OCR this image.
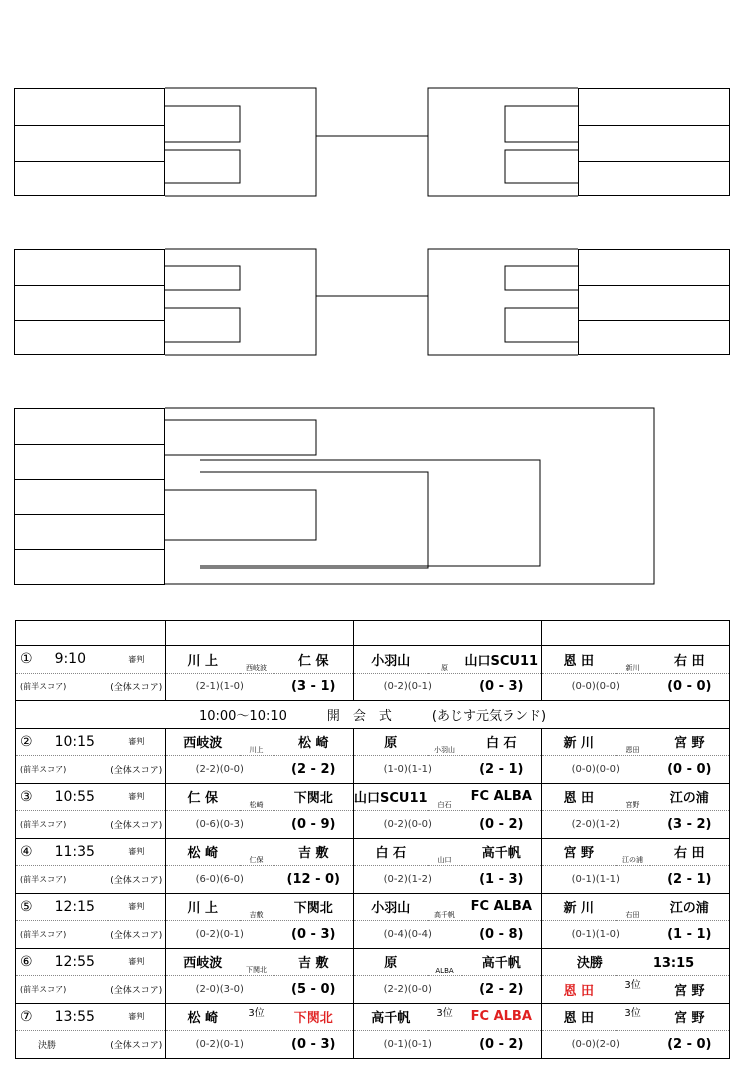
① 9:10	審判	川 上	西岐波	仁 保	小羽山	原	山口SCU11	恩 田	新川	右 田
(前半スコア)	(全体スコア)	(2-1)(1-0)		(3 - 1)	(0-2)(0-1)		(0 - 3)	(0-0)(0-0)		(0 - 0)
10:00〜10:10 開　会　式 (あじす元気ランド)										
② 10:15	審判	西岐波	川上	松 崎	原	小羽山	白 石	新 川	恩田	宮 野
(前半スコア)	(全体スコア)	(2-2)(0-0)		(2 - 2)	(1-0)(1-1)		(2 - 1)	(0-0)(0-0)		(0 - 0)
③ 10:55	審判	仁 保	松崎	下関北	山口SCU11	白石	FC ALBA	恩 田	宮野	江の浦
(前半スコア)	(全体スコア)	(0-6)(0-3)		(0 - 9)	(0-2)(0-0)		(0 - 2)	(2-0)(1-2)		(3 - 2)
④ 11:35	審判	松 崎	仁保	吉 敷	白 石	山口	高千帆	宮 野	江の浦	右 田
(前半スコア)	(全体スコア)	(6-0)(6-0)		(12 - 0)	(0-2)(1-2)		(1 - 3)	(0-1)(1-1)		(2 - 1)
⑤ 12:15	審判	川 上	吉敷	下関北	小羽山	高千帆	FC ALBA	新 川	右田	江の浦
(前半スコア)	(全体スコア)	(0-2)(0-1)		(0 - 3)	(0-4)(0-4)		(0 - 8)	(0-1)(1-0)		(1 - 1)
⑥ 12:55	審判	西岐波	下関北	吉 敷	原	ALBA	高千帆	決勝 13:15		
(前半スコア)	(全体スコア)	(2-0)(3-0)		(5 - 0)	(2-2)(0-0)		(2 - 2)	恩 田	3位	宮 野
⑦ 13:55	審判	松 崎	3位	下関北	高千帆	3位	FC ALBA	恩 田	3位	宮 野
決勝	(全体スコア)	(0-2)(0-1)		(0 - 3)	(0-1)(0-1)		(0 - 2)	(0-0)(2-0)		(2 - 0)
